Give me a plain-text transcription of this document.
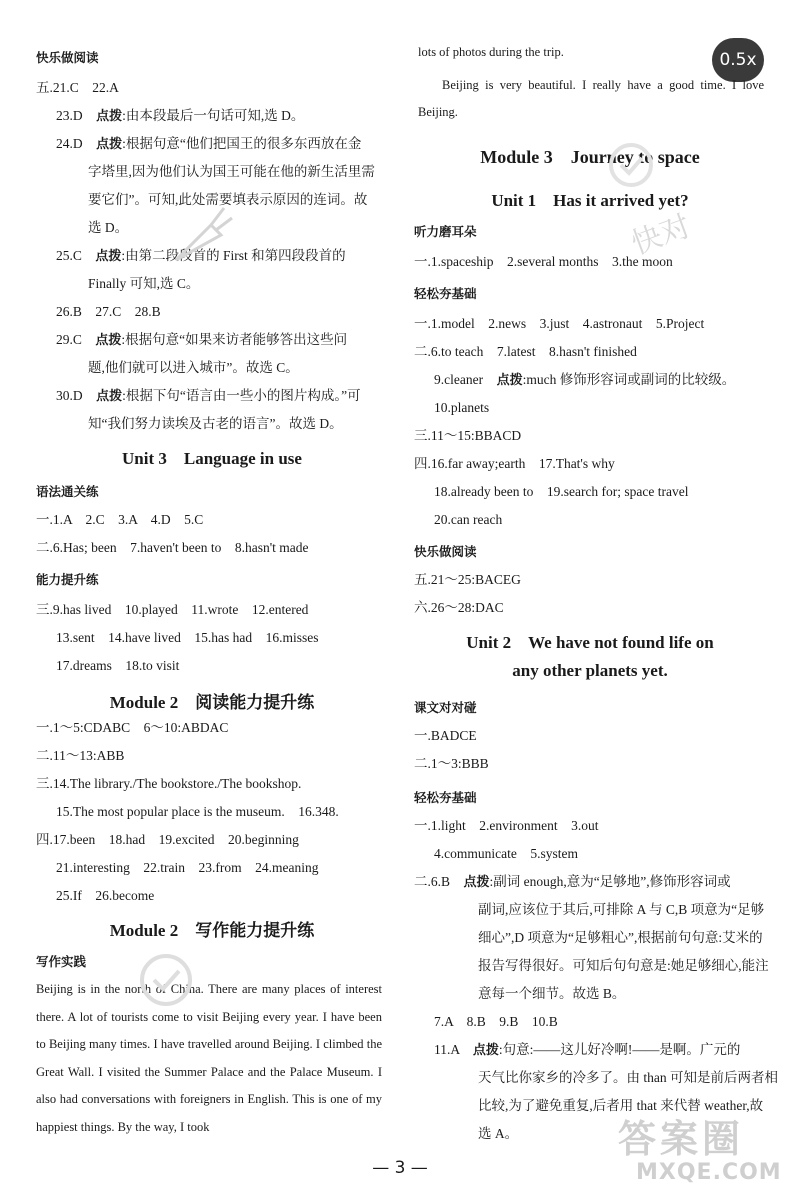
0.5x
快乐做阅读
五.21.C　22.A
23.D　点拨:由本段最后一句话可知,选 D。
24.D　点拨:根据句意“他们把国王的很多东西放在金
字塔里,因为他们认为国王可能在他的新生活里需
要它们”。可知,此处需要填表示原因的连词。故
选 D。
25.C　点拨:由第二段段首的 First 和第四段段首的
Finally 可知,选 C。
26.B　27.C　28.B
29.C　点拨:根据句意“如果来访者能够答出这些问
题,他们就可以进入城市”。故选 C。
30.D　点拨:根据下句“语言由一些小的图片构成。”可
知“我们努力读埃及古老的语言”。故选 D。
Unit 3　Language in use
语法通关练
一.1.A　2.C　3.A　4.D　5.C
二.6.Has; been　7.haven't been to　8.hasn't made
能力提升练
三.9.has lived　10.played　11.wrote　12.entered
13.sent　14.have lived　15.has had　16.misses
17.dreams　18.to visit
Module 2　阅读能力提升练
一.1～5:CDABC　6～10:ABDAC
二.11～13:ABB
三.14.The library./The bookstore./The bookshop.
15.The most popular place is the museum.　16.348.
四.17.been　18.had　19.excited　20.beginning
21.interesting　22.train　23.from　24.meaning
25.If　26.become
Module 2　写作能力提升练
写作实践
Beijing is in the north of China. There are many places of interest there. A lot of tourists come to visit Beijing every year. I have been to Beijing many times. I have travelled around Beijing. I climbed the Great Wall. I visited the Summer Palace and the Palace Museum. I also had conversations with foreigners in English. This is one of my happiest things. By the way, I took
lots of photos during the trip.
Beijing is very beautiful. I really have a good time. I love Beijing.
Module 3　Journey to space
Unit 1　Has it arrived yet?
听力磨耳朵
一.1.spaceship　2.several months　3.the moon
轻松夯基础
一.1.model　2.news　3.just　4.astronaut　5.Project
二.6.to teach　7.latest　8.hasn't finished
9.cleaner　点拨:much 修饰形容词或副词的比较级。
10.planets
三.11～15:BBACD
四.16.far away;earth　17.That's why
18.already been to　19.search for; space travel
20.can reach
快乐做阅读
五.21～25:BACEG
六.26～28:DAC
Unit 2　We have not found life on
any other planets yet.
课文对对碰
一.BADCE
二.1～3:BBB
轻松夯基础
一.1.light　2.environment　3.out
4.communicate　5.system
二.6.B　点拨:副词 enough,意为“足够地”,修饰形容词或
副词,应该位于其后,可排除 A 与 C,B 项意为“足够
细心”,D 项意为“足够粗心”,根据前句句意:艾米的
报告写得很好。可知后句句意是:她足够细心,能注
意每一个细节。故选 B。
7.A　8.B　9.B　10.B
11.A　点拨:句意:——这儿好冷啊!——是啊。广元的
天气比你家乡的冷多了。由 than 可知是前后两者相
比较,为了避免重复,后者用 that 来代替 weather,故
选 A。
快对
答案圈
MXQE.COM
— 3 —
